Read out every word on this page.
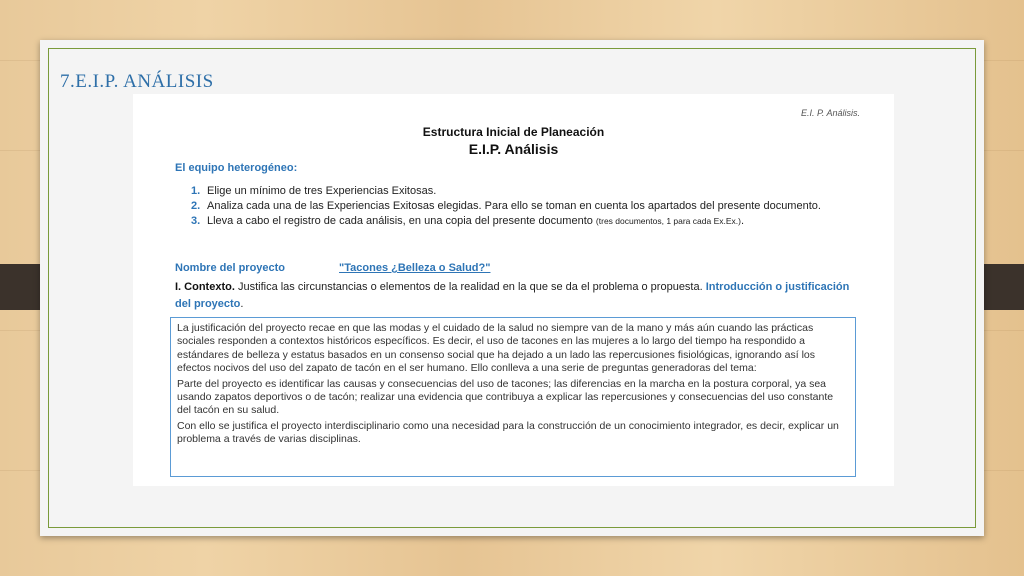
7.E.I.P. ANÁLISIS

E.I. P. Análisis.

Estructura Inicial de Planeación

E.I.P. Análisis

El equipo heterogéneo:

1. Elige un mínimo de tres Experiencias Exitosas.
2. Analiza cada una de las Experiencias Exitosas elegidas. Para ello se toman en cuenta los apartados del presente documento.
3. Lleva a cabo el registro de cada análisis, en una copia del presente documento (tres documentos, 1 para cada Ex.Ex.).

Nombre del proyecto	"Tacones ¿Belleza o Salud?"

I. Contexto. Justifica las circunstancias o elementos de la realidad en la que se da el problema o propuesta. Introducción o justificación del proyecto.

La justificación del proyecto recae en que las modas y el cuidado de la salud no siempre van de la mano y más aún cuando las prácticas sociales responden a contextos históricos específicos. Es decir, el uso de tacones en las mujeres a lo largo del tiempo ha respondido a estándares de belleza y estatus basados en un consenso social que ha dejado a un lado las repercusiones fisiológicas, ignorando así los efectos nocivos del uso del zapato de tacón en el ser humano. Ello conlleva a una serie de preguntas generadoras del tema:

Parte del proyecto es identificar las causas y consecuencias del uso de tacones; las diferencias en la marcha en la postura corporal, ya sea usando zapatos deportivos o de tacón; realizar una evidencia que contribuya a explicar las repercusiones y consecuencias del uso constante del tacón en su salud.

Con ello se justifica el proyecto interdisciplinario como una necesidad para la construcción de un conocimiento integrador, es decir, explicar un problema a través de varias disciplinas.
